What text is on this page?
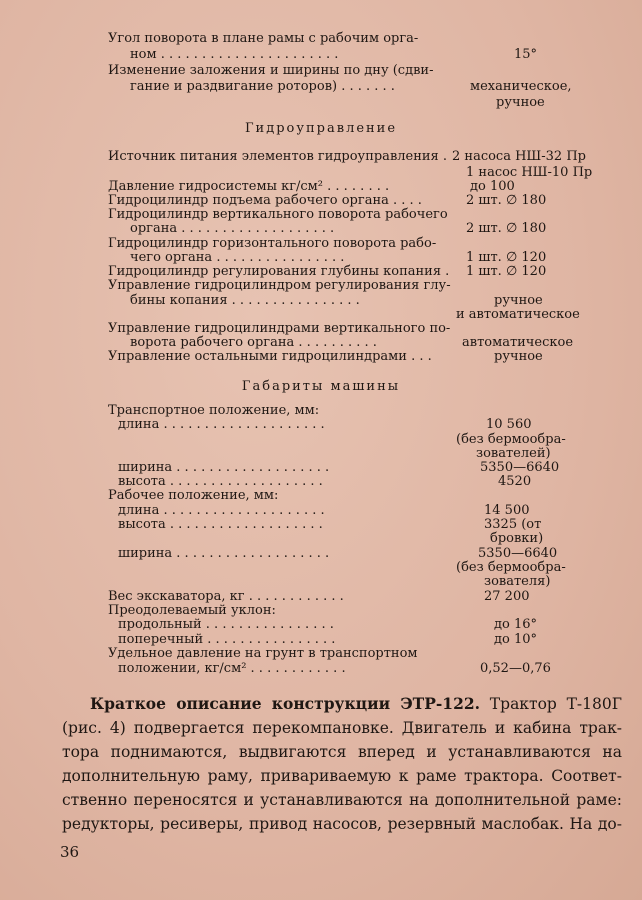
Угол поворота в плане рамы с рабочим орга-
ном . . . . . . . . . . . . . . . . . . . . . .	15°
Изменение заложения и ширины по дну (сдви-
гание и раздвигание роторов) . . . . . . .	механическое,
ручное
Гидроуправление
Источник питания элементов гидроуправления . 2 насоса НШ-32 Пр
1 насос НШ-10 Пр
Давление гидросистемы кг/см² . . . . . . . .	до 100
Гидроцилиндр подъема рабочего органа . . . .	2 шт. ∅ 180
Гидроцилиндр вертикального поворота рабочего
органа . . . . . . . . . . . . . . . . . . .	2 шт. ∅ 180
Гидроцилиндр горизонтального поворота рабо-
чего органа . . . . . . . . . . . . . . . .	1 шт. ∅ 120
Гидроцилиндр регулирования глубины копания . 1 шт. ∅ 120
Управление гидроцилиндром регулирования глу-
бины копания . . . . . . . . . . . . . . . .	ручное
и автоматическое
Управление гидроцилиндрами вертикального по-
ворота рабочего органа . . . . . . . . . .	автоматическое
Управление остальными гидроцилиндрами . . .	ручное
Габариты машины
Транспортное положение, мм:
длина . . . . . . . . . . . . . . . . . . . .	10 560
(без бермообра-
зователей)
ширина . . . . . . . . . . . . . . . . . . .	5350—6640
высота . . . . . . . . . . . . . . . . . . .	4520
Рабочее положение, мм:
длина . . . . . . . . . . . . . . . . . . . .	14 500
высота . . . . . . . . . . . . . . . . . . .	3325 (от
бровки)
ширина . . . . . . . . . . . . . . . . . . .	5350—6640
(без бермообра-
зователя)
Вес экскаватора, кг . . . . . . . . . . . .	27 200
Преодолеваемый уклон:
продольный . . . . . . . . . . . . . . . .	до 16°
поперечный . . . . . . . . . . . . . . . .	до 10°
Удельное давление на грунт в транспортном
положении, кг/см² . . . . . . . . . . . .	0,52—0,76
Краткое описание конструкции ЭТР-122. Трактор Т-180Г
(рис. 4) подвергается перекомпановке. Двигатель и кабина трак-
тора поднимаются, выдвигаются вперед и устанавливаются на
дополнительную раму, привариваемую к раме трактора. Соответ-
ственно переносятся и устанавливаются на дополнительной раме:
редукторы, ресиверы, привод насосов, резервный маслобак. На до-
36
